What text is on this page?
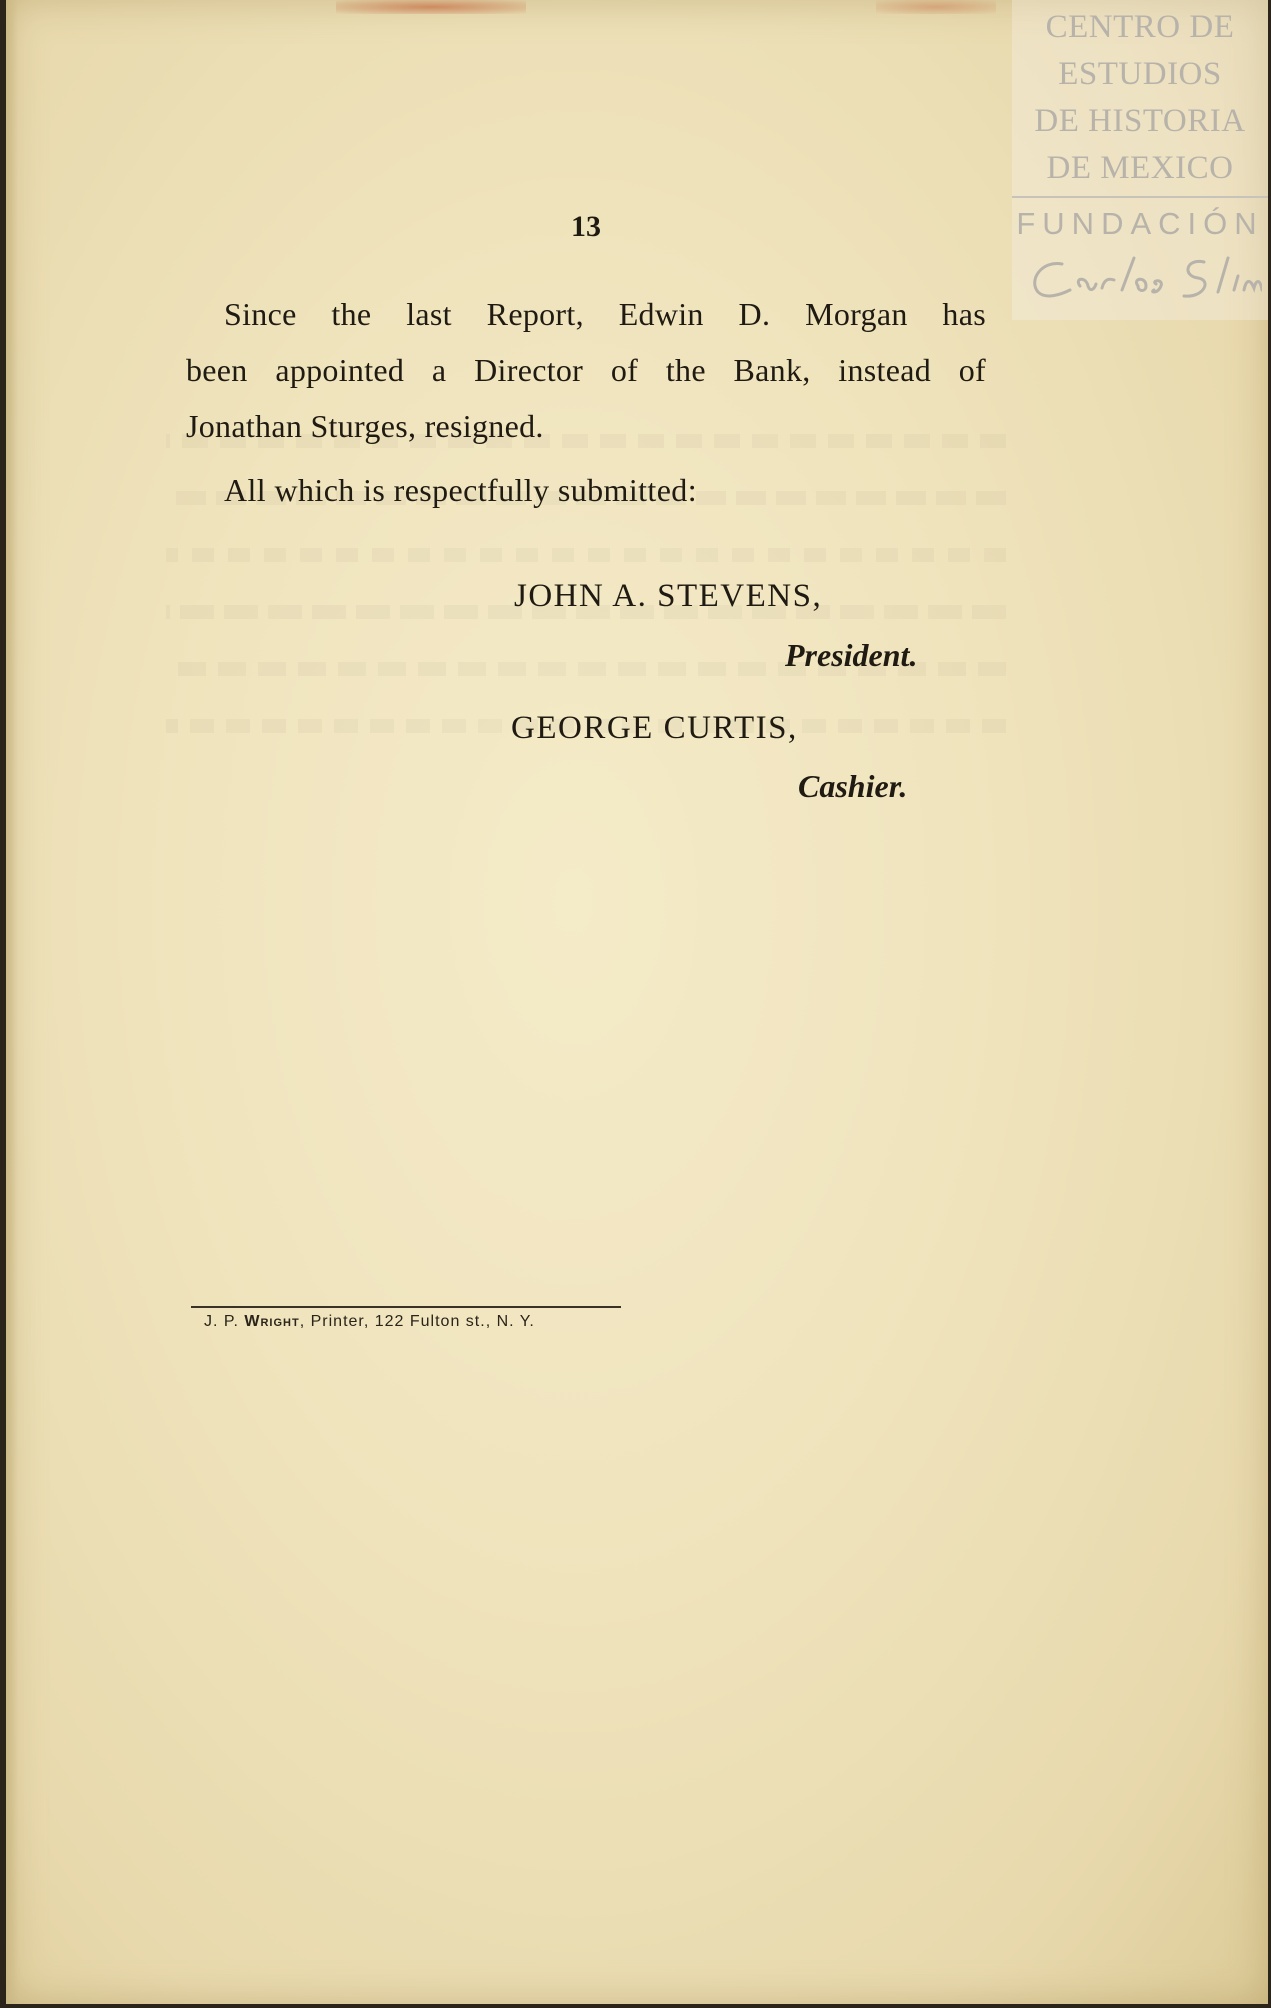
13
Since the last Report, Edwin D. Morgan has
been appointed a Director of the Bank, instead of
Jonathan Sturges, resigned.
All which is respectfully submitted:
JOHN A. STEVENS,
President.
GEORGE CURTIS,
Cashier.
J. P. Wright, Printer, 122 Fulton st., N. Y.
CENTRO DE
ESTUDIOS
DE HISTORIA
DE MEXICO
FUNDACIÓN
